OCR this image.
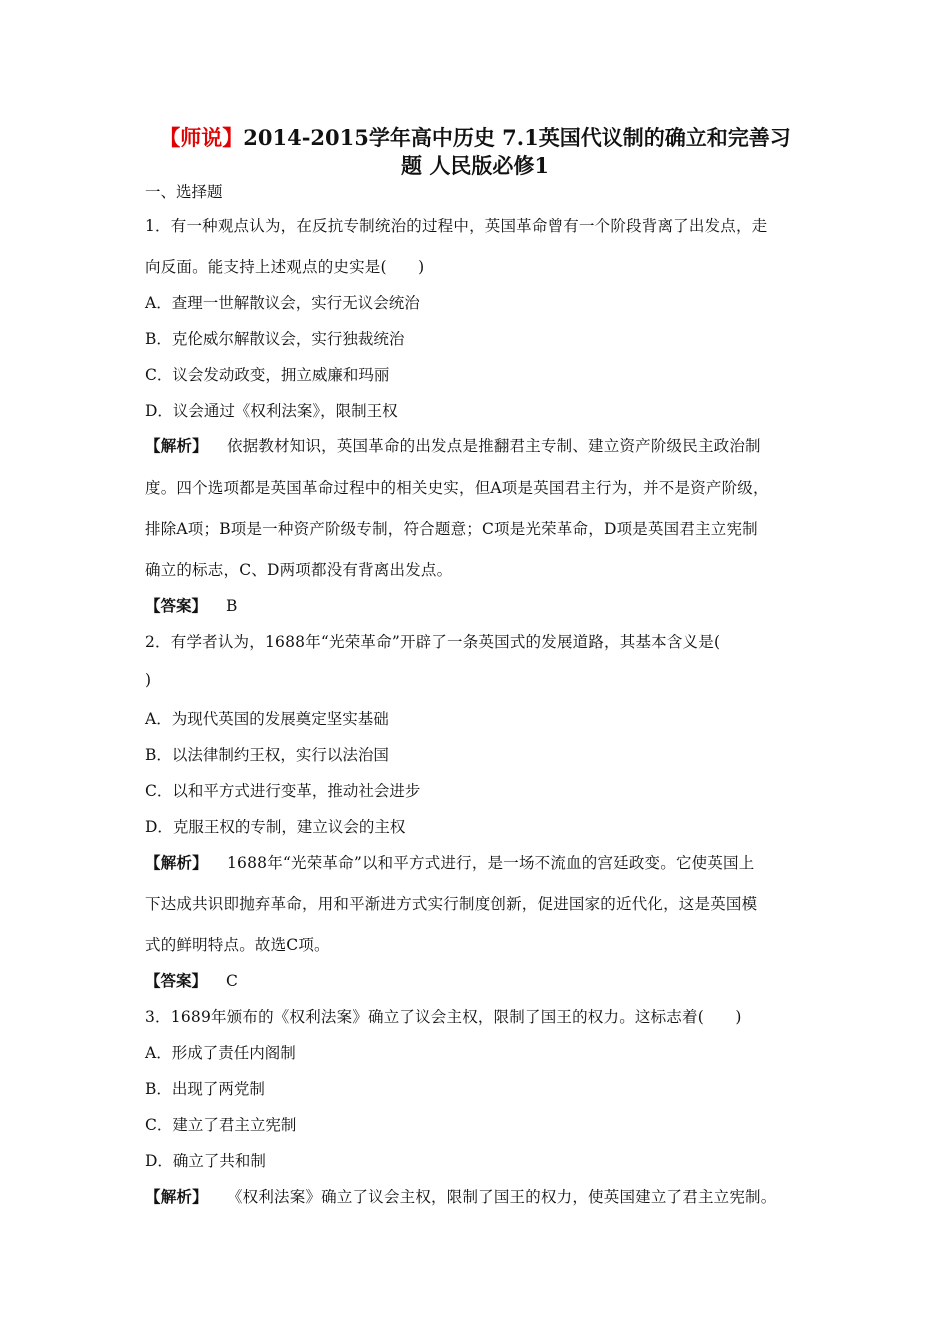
【师说】2014-2015学年高中历史 7.1英国代议制的确立和完善习
题 人民版必修1
一、选择题
1．有一种观点认为，在反抗专制统治的过程中，英国革命曾有一个阶段背离了出发点，走
向反面。能支持上述观点的史实是(　　)
A．查理一世解散议会，实行无议会统治
B．克伦威尔解散议会，实行独裁统治
C．议会发动政变，拥立威廉和玛丽
D．议会通过《权利法案》，限制王权
【解析】 依据教材知识，英国革命的出发点是推翻君主专制、建立资产阶级民主政治制
度。四个选项都是英国革命过程中的相关史实，但A项是英国君主行为，并不是资产阶级，
排除A项；B项是一种资产阶级专制，符合题意；C项是光荣革命，D项是英国君主立宪制
确立的标志，C、D两项都没有背离出发点。
【答案】 B
2．有学者认为，1688年“光荣革命”开辟了一条英国式的发展道路，其基本含义是(
)
A．为现代英国的发展奠定坚实基础
B．以法律制约王权，实行以法治国
C．以和平方式进行变革，推动社会进步
D．克服王权的专制，建立议会的主权
【解析】 1688年“光荣革命”以和平方式进行，是一场不流血的宫廷政变。它使英国上
下达成共识即抛弃革命，用和平渐进方式实行制度创新，促进国家的近代化，这是英国模
式的鲜明特点。故选C项。
【答案】 C
3．1689年颁布的《权利法案》确立了议会主权，限制了国王的权力。这标志着(　　)
A．形成了责任内阁制
B．出现了两党制
C．建立了君主立宪制
D．确立了共和制
【解析】 《权利法案》确立了议会主权，限制了国王的权力，使英国建立了君主立宪制。
